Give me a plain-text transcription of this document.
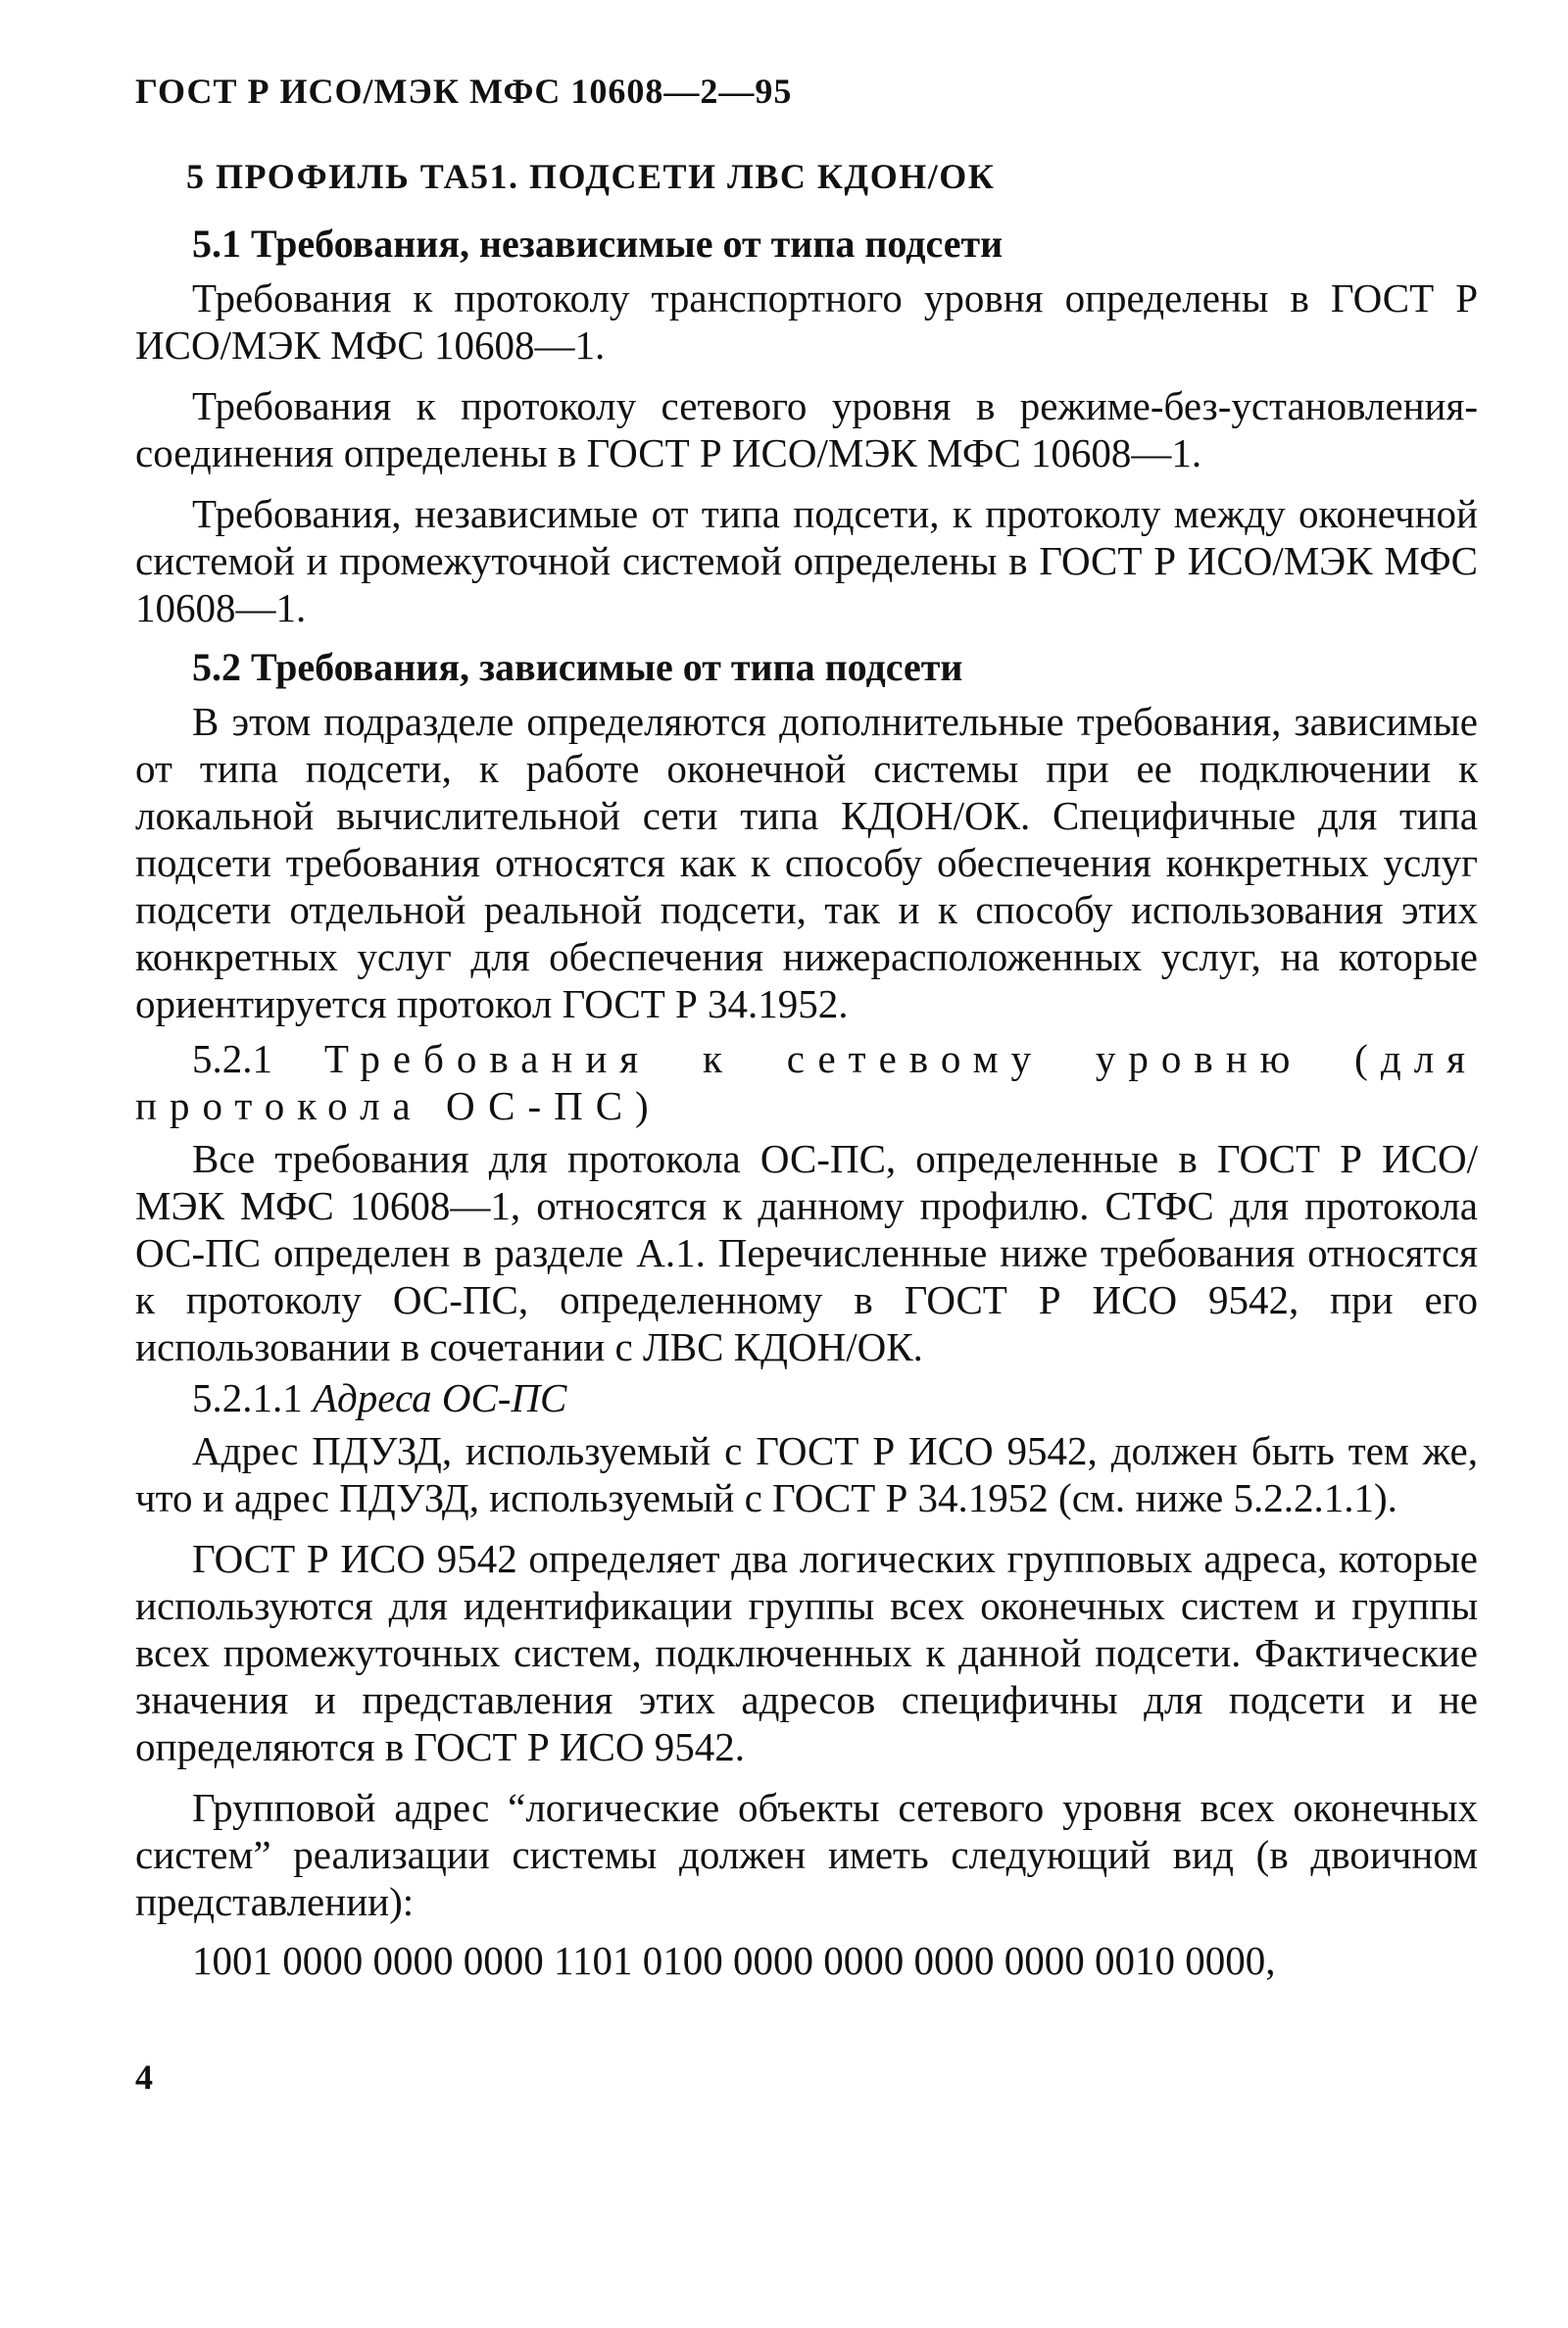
ГОСТ Р ИСО/МЭК МФС 10608—2—95
5 ПРОФИЛЬ ТА51. ПОДСЕТИ ЛВС КДОН/ОК
5.1 Требования, независимые от типа подсети

Требования к протоколу транспортного уровня определены в ГОСТ Р ИСО/МЭК МФС 10608—1.

Требования к протоколу сетевого уровня в режиме-без-установления-соединения определены в ГОСТ Р ИСО/МЭК МФС 10608—1.

Требования, независимые от типа подсети, к протоколу между оконечной системой и промежуточной системой определены в ГОСТ Р ИСО/МЭК МФС 10608—1.

5.2 Требования, зависимые от типа подсети

В этом подразделе определяются дополнительные требования, зависимые от типа подсети, к работе оконечной системы при ее подключении к локальной вычислительной сети типа КДОН/ОК. Специфичные для типа подсети требования относятся как к способу обеспечения конкретных услуг подсети отдельной реальной подсети, так и к способу использования этих конкретных услуг для обеспечения нижерасположенных услуг, на которые ориентируется протокол ГОСТ Р 34.1952.

5.2.1 Требования к сетевому уровню (для протокола ОС-ПС)

Все требования для протокола ОС-ПС, определенные в ГОСТ Р ИСО/МЭК МФС 10608—1, относятся к данному профилю. СТФС для протокола ОС-ПС определен в разделе А.1. Перечисленные ниже требования относятся к протоколу ОС-ПС, определенному в ГОСТ Р ИСО 9542, при его использовании в сочетании с ЛВС КДОН/ОК.

5.2.1.1 Адреса ОС-ПС

Адрес ПДУЗД, используемый с ГОСТ Р ИСО 9542, должен быть тем же, что и адрес ПДУЗД, используемый с ГОСТ Р 34.1952 (см. ниже 5.2.2.1.1).

ГОСТ Р ИСО 9542 определяет два логических групповых адреса, которые используются для идентификации группы всех оконечных систем и группы всех промежуточных систем, подключенных к данной подсети. Фактические значения и представления этих адресов специфичны для подсети и не определяются в ГОСТ Р ИСО 9542.

Групповой адрес “логические объекты сетевого уровня всех оконечных систем” реализации системы должен иметь следующий вид (в двоичном представлении):

1001 0000 0000 0000 1101 0100 0000 0000 0000 0000 0010 0000,
4
